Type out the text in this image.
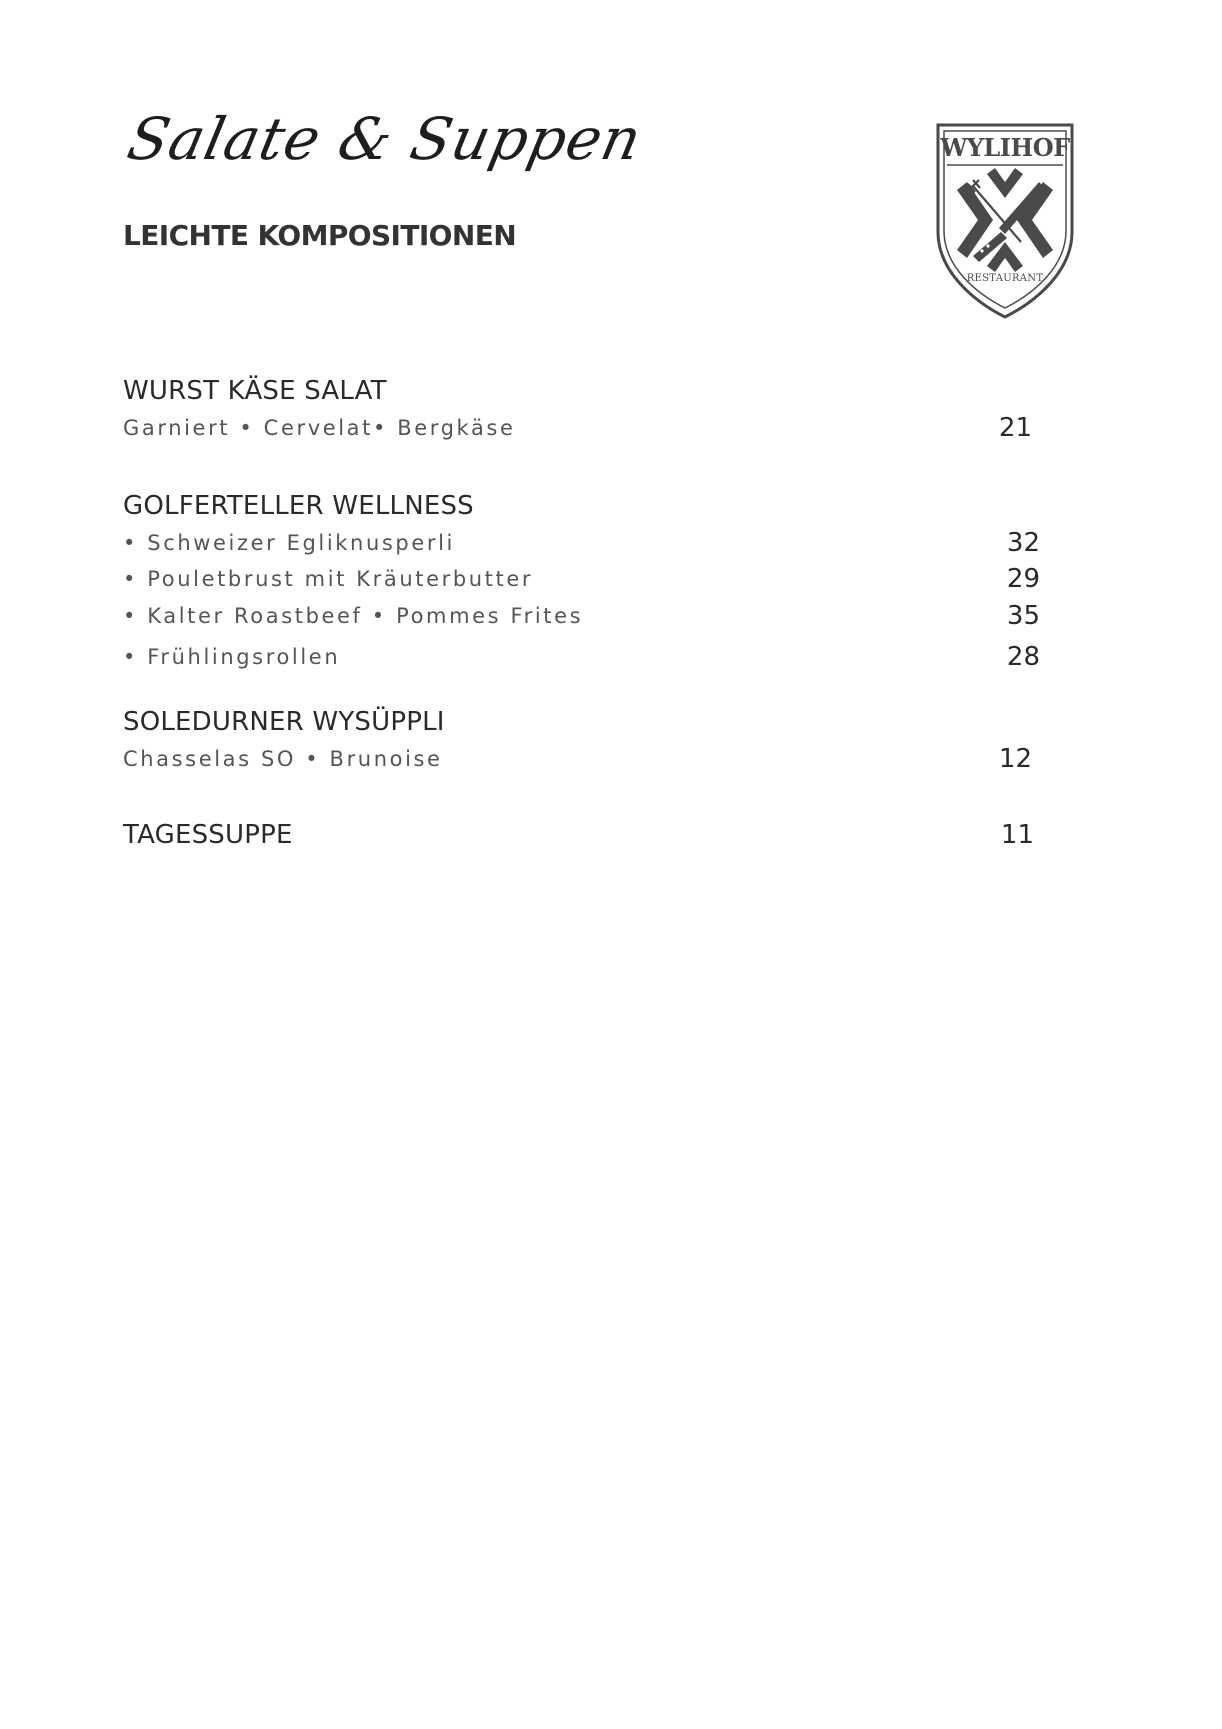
Salate & Suppen
LEICHTE KOMPOSITIONEN
WYLIHOF
RESTAURANT
WURST KÄSE SALAT
Garniert • Cervelat• Bergkäse	21
GOLFERTELLER WELLNESS
• Schweizer Egliknusperli	32
• Pouletbrust mit Kräuterbutter	29
• Kalter Roastbeef • Pommes Frites	35
• Frühlingsrollen	28
SOLEDURNER WYSÜPPLI
Chasselas SO • Brunoise	12
TAGESSUPPE	11
